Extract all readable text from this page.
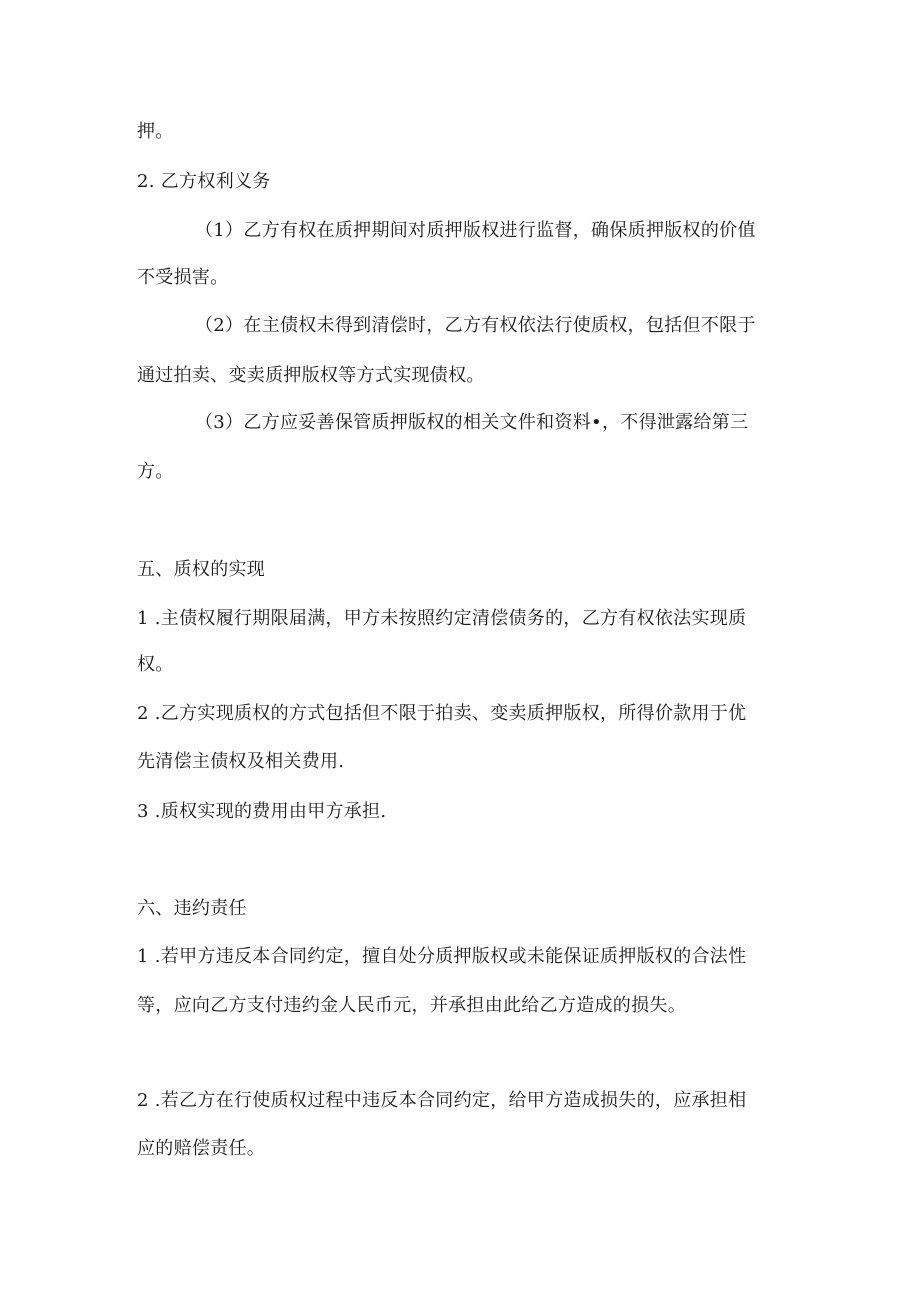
押。
2. 乙方权利义务
（1）乙方有权在质押期间对质押版权进行监督，确保质押版权的价值
不受损害。
（2）在主债权未得到清偿时，乙方有权依法行使质权，包括但不限于
通过拍卖、变卖质押版权等方式实现债权。
（3）乙方应妥善保管质押版权的相关文件和资料•，不得泄露给第三
方。
五、质权的实现
1 .主债权履行期限届满，甲方未按照约定清偿债务的，乙方有权依法实现质
权。
2 .乙方实现质权的方式包括但不限于拍卖、变卖质押版权，所得价款用于优
先清偿主债权及相关费用.
3 .质权实现的费用由甲方承担.
六、违约责任
1 .若甲方违反本合同约定，擅自处分质押版权或未能保证质押版权的合法性
等，应向乙方支付违约金人民币元，并承担由此给乙方造成的损失。
2 .若乙方在行使质权过程中违反本合同约定，给甲方造成损失的，应承担相
应的赔偿责任。
